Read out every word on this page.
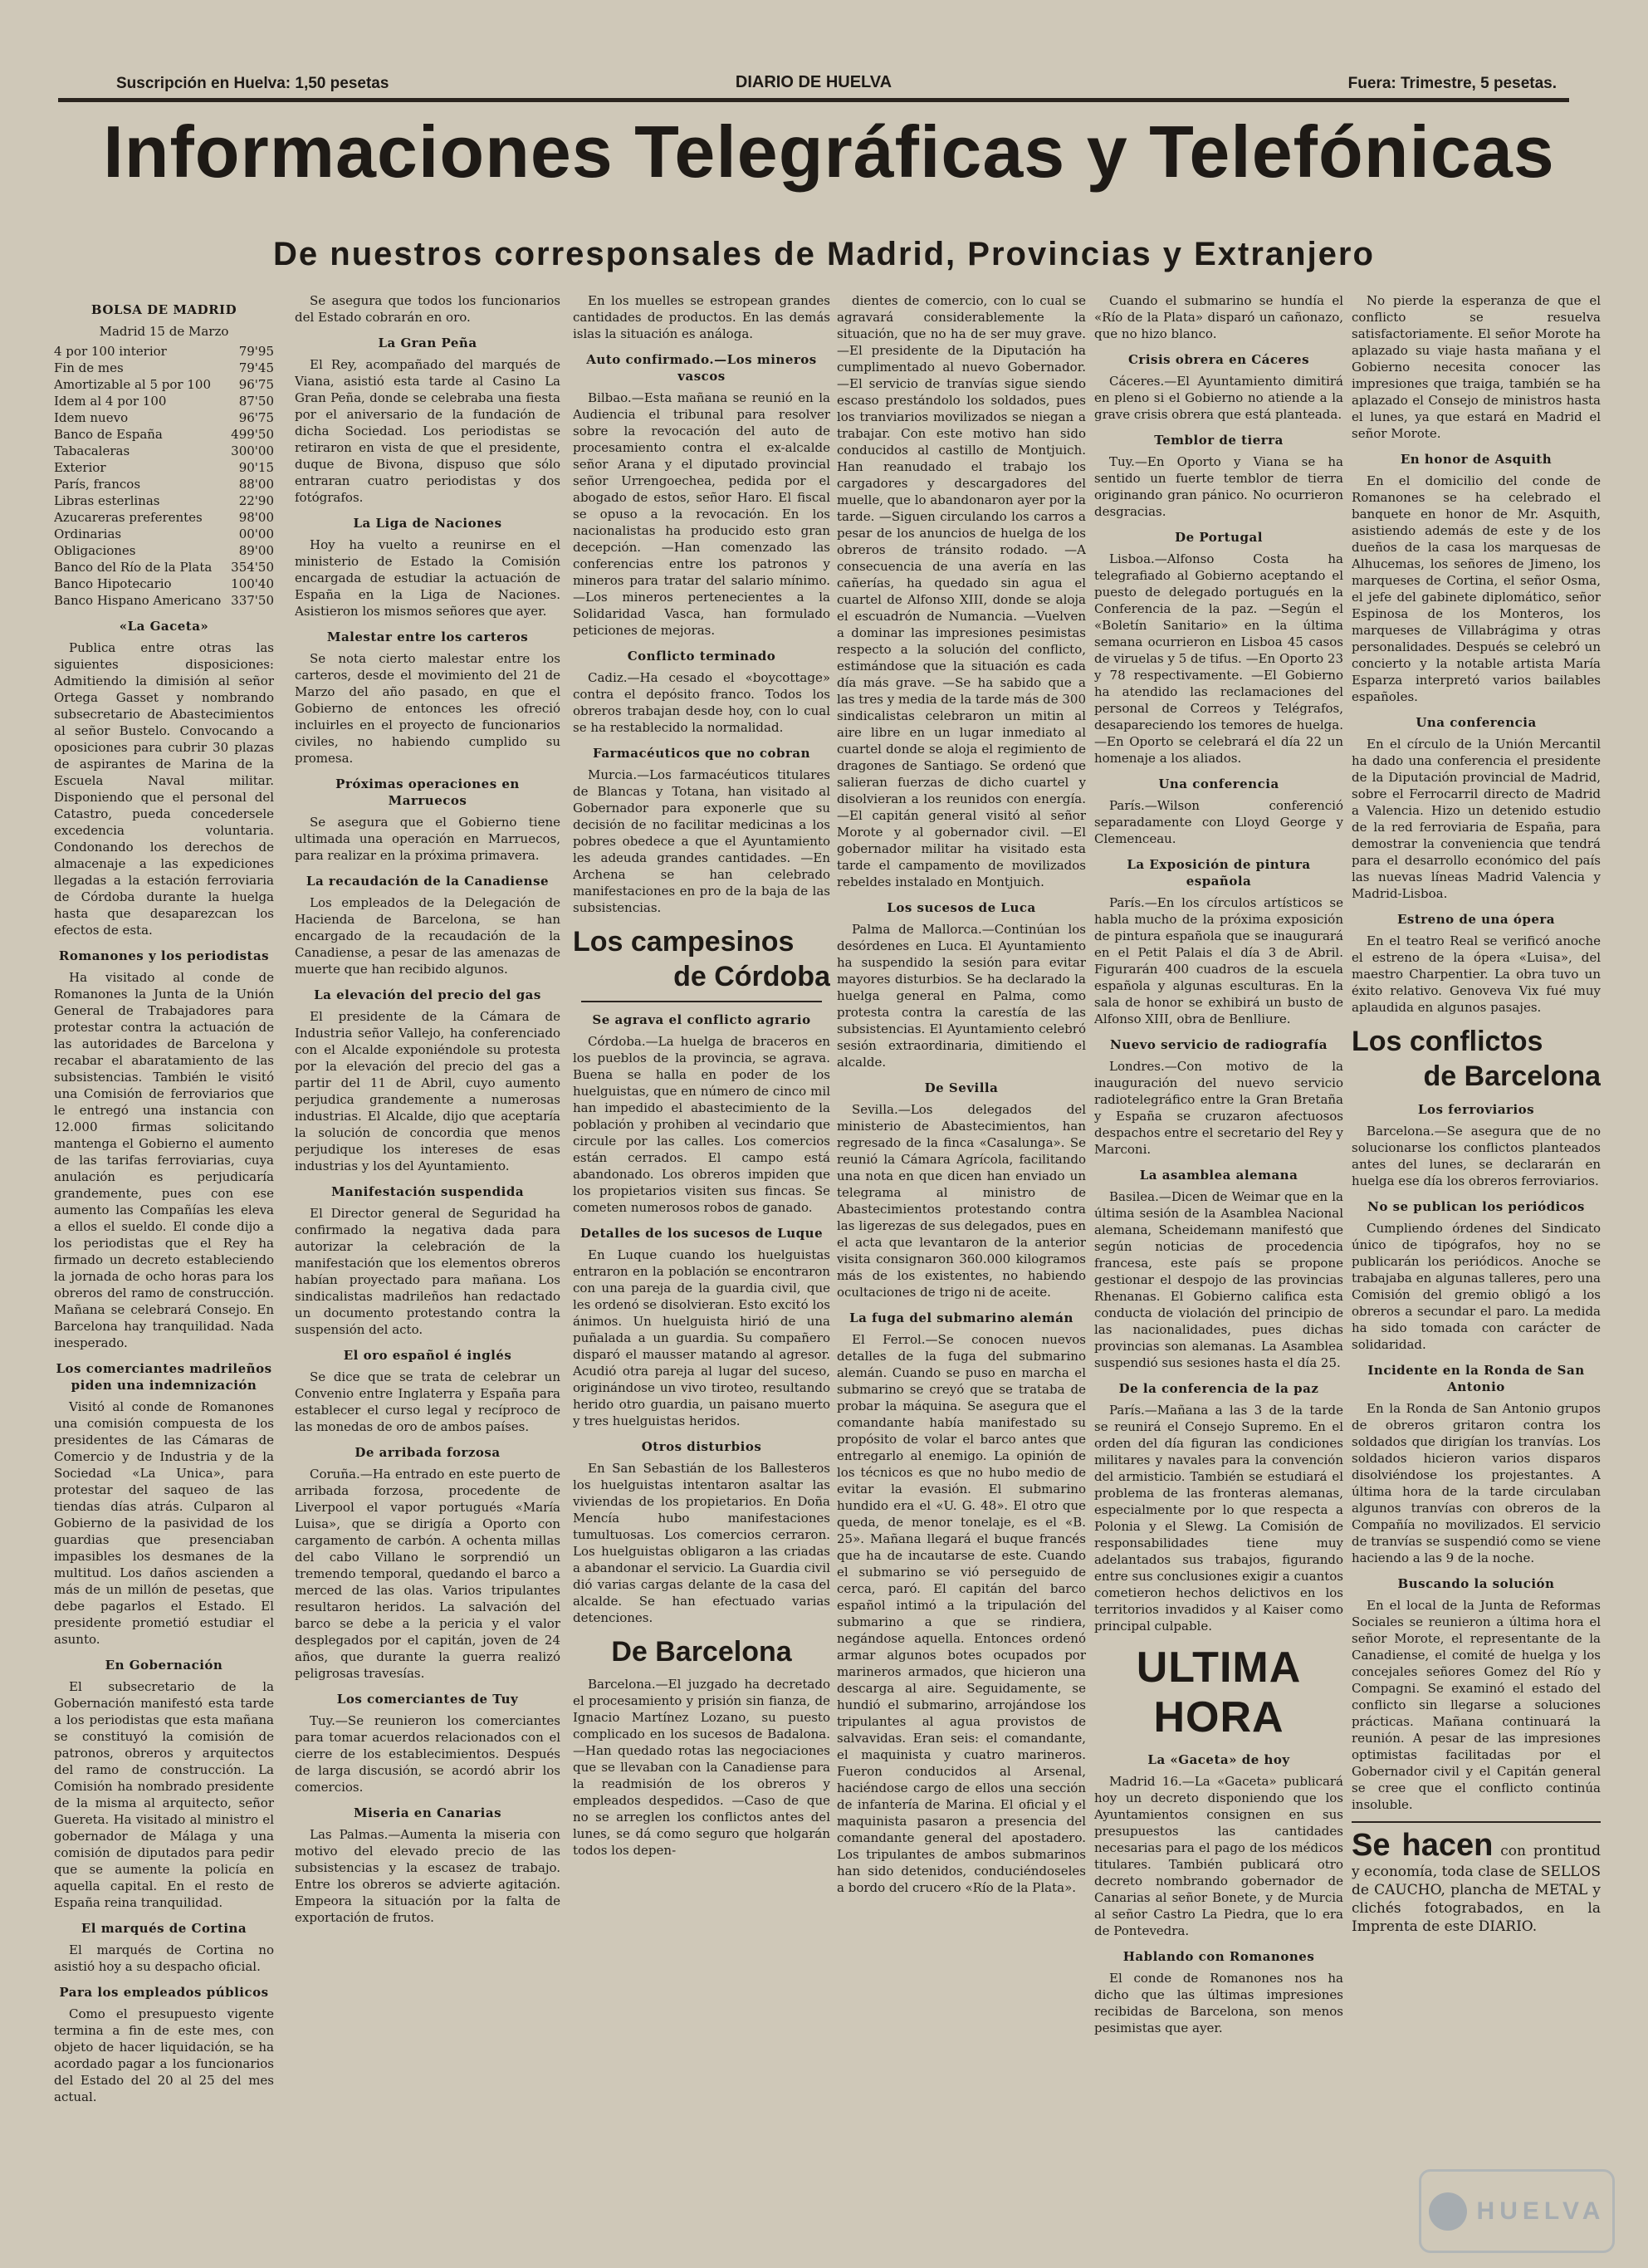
Suscripción en Huelva: 1,50 pesetas	DIARIO DE HUELVA	Fuera: Trimestre, 5 pesetas.
Informaciones Telegráficas y Telefónicas
De nuestros corresponsales de Madrid, Provincias y Extranjero
BOLSA DE MADRID
Madrid 15 de Marzo
4 por 100 interior	79'95
Fin de mes	79'45
Amortizable al 5 por 100	96'75
Idem al 4 por 100	87'50
Idem nuevo	96'75
Banco de España	499'50
Tabacaleras	300'00
Exterior	90'15
París, francos	88'00
Libras esterlinas	22'90
Azucareras preferentes	98'00
Ordinarias	00'00
Obligaciones	89'00
Banco del Río de la Plata	354'50
Banco Hipotecario	100'40
Banco Hispano Americano	337'50
«La Gaceta»

Publica entre otras las siguientes disposiciones: Admitiendo la dimisión al señor Ortega Gasset y nombrando subsecretario de Abastecimientos al señor Bustelo. Convocando a oposiciones para cubrir 30 plazas de aspirantes de Marina de la Escuela Naval militar. Disponiendo que el personal del Catastro, pueda concedersele excedencia voluntaria. Condonando los derechos de almacenaje a las expediciones llegadas a la estación ferroviaria de Córdoba durante la huelga hasta que desaparezcan los efectos de esta.

Romanones y los periodistas

Ha visitado al conde de Romanones la Junta de la Unión General de Trabajadores para protestar contra la actuación de las autoridades de Barcelona y recabar el abaratamiento de las subsistencias. También le visitó una Comisión de ferroviarios que le entregó una instancia con 12.000 firmas solicitando mantenga el Gobierno el aumento de las tarifas ferroviarias, cuya anulación es perjudicaría grandemente, pues con ese aumento las Compañías les eleva a ellos el sueldo. El conde dijo a los periodistas que el Rey ha firmado un decreto estableciendo la jornada de ocho horas para los obreros del ramo de construcción. Mañana se celebrará Consejo. En Barcelona hay tranquilidad. Nada inesperado.

Los comerciantes madrileños piden una indemnización

Visitó al conde de Romanones una comisión compuesta de los presidentes de las Cámaras de Comercio y de Industria y de la Sociedad «La Unica», para protestar del saqueo de las tiendas días atrás. Culparon al Gobierno de la pasividad de los guardias que presenciaban impasibles los desmanes de la multitud. Los daños ascienden a más de un millón de pesetas, que debe pagarlos el Estado. El presidente prometió estudiar el asunto.

En Gobernación

El subsecretario de la Gobernación manifestó esta tarde a los periodistas que esta mañana se constituyó la comisión de patronos, obreros y arquitectos del ramo de construcción. La Comisión ha nombrado presidente de la misma al arquitecto, señor Guereta. Ha visitado al ministro el gobernador de Málaga y una comisión de diputados para pedir que se aumente la policía en aquella capital. En el resto de España reina tranquilidad.

El marqués de Cortina

El marqués de Cortina no asistió hoy a su despacho oficial.

Para los empleados públicos

Como el presupuesto vigente termina a fin de este mes, con objeto de hacer liquidación, se ha acordado pagar a los funcionarios del Estado del 20 al 25 del mes actual.

Se asegura que todos los funcionarios del Estado cobrarán en oro.

La Gran Peña

El Rey, acompañado del marqués de Viana, asistió esta tarde al Casino La Gran Peña, donde se celebraba una fiesta por el aniversario de la fundación de dicha Sociedad. Los periodistas se retiraron en vista de que el presidente, duque de Bivona, dispuso que sólo entraran cuatro periodistas y dos fotógrafos.

La Liga de Naciones

Hoy ha vuelto a reunirse en el ministerio de Estado la Comisión encargada de estudiar la actuación de España en la Liga de Naciones. Asistieron los mismos señores que ayer.

Malestar entre los carteros

Se nota cierto malestar entre los carteros, desde el movimiento del 21 de Marzo del año pasado, en que el Gobierno de entonces les ofreció incluirles en el proyecto de funcionarios civiles, no habiendo cumplido su promesa.

Próximas operaciones en Marruecos

Se asegura que el Gobierno tiene ultimada una operación en Marruecos, para realizar en la próxima primavera.

La recaudación de la Canadiense

Los empleados de la Delegación de Hacienda de Barcelona, se han encargado de la recaudación de la Canadiense, a pesar de las amenazas de muerte que han recibido algunos.

La elevación del precio del gas

El presidente de la Cámara de Industria señor Vallejo, ha conferenciado con el Alcalde exponiéndole su protesta por la elevación del precio del gas a partir del 11 de Abril, cuyo aumento perjudica grandemente a numerosas industrias. El Alcalde, dijo que aceptaría la solución de concordia que menos perjudique los intereses de esas industrias y los del Ayuntamiento.

Manifestación suspendida

El Director general de Seguridad ha confirmado la negativa dada para autorizar la celebración de la manifestación que los elementos obreros habían proyectado para mañana. Los sindicalistas madrileños han redactado un documento protestando contra la suspensión del acto.

El oro español é inglés

Se dice que se trata de celebrar un Convenio entre Inglaterra y España para establecer el curso legal y recíproco de las monedas de oro de ambos países.

De arribada forzosa

Coruña.—Ha entrado en este puerto de arribada forzosa, procedente de Liverpool el vapor portugués «María Luisa», que se dirigía a Oporto con cargamento de carbón. A ochenta millas del cabo Villano le sorprendió un tremendo temporal, quedando el barco a merced de las olas. Varios tripulantes resultaron heridos. La salvación del barco se debe a la pericia y el valor desplegados por el capitán, joven de 24 años, que durante la guerra realizó peligrosas travesías.

Los comerciantes de Tuy

Tuy.—Se reunieron los comerciantes para tomar acuerdos relacionados con el cierre de los establecimientos. Después de larga discusión, se acordó abrir los comercios.

Miseria en Canarias

Las Palmas.—Aumenta la miseria con motivo del elevado precio de las subsistencias y la escasez de trabajo. Entre los obreros se advierte agitación. Empeora la situación por la falta de exportación de frutos.

En los muelles se estropean grandes cantidades de productos. En las demás islas la situación es análoga.

Auto confirmado.—Los mineros vascos

Bilbao.—Esta mañana se reunió en la Audiencia el tribunal para resolver sobre la revocación del auto de procesamiento contra el ex-alcalde señor Arana y el diputado provincial señor Urrengoechea, pedida por el abogado de estos, señor Haro. El fiscal se opuso a la revocación. En los nacionalistas ha producido esto gran decepción. —Han comenzado las conferencias entre los patronos y mineros para tratar del salario mínimo. —Los mineros pertenecientes a la Solidaridad Vasca, han formulado peticiones de mejoras.

Conflicto terminado

Cadiz.—Ha cesado el «boycottage» contra el depósito franco. Todos los obreros trabajan desde hoy, con lo cual se ha restablecido la normalidad.

Farmacéuticos que no cobran

Murcia.—Los farmacéuticos titulares de Blancas y Totana, han visitado al Gobernador para exponerle que su decisión de no facilitar medicinas a los pobres obedece a que el Ayuntamiento les adeuda grandes cantidades. —En Archena se han celebrado manifestaciones en pro de la baja de las subsistencias.

Los campesinos
de Córdoba
Se agrava el conflicto agrario

Córdoba.—La huelga de braceros en los pueblos de la provincia, se agrava. Buena se halla en poder de los huelguistas, que en número de cinco mil han impedido el abastecimiento de la población y prohiben al vecindario que circule por las calles. Los comercios están cerrados. El campo está abandonado. Los obreros impiden que los propietarios visiten sus fincas. Se cometen numerosos robos de ganado.

Detalles de los sucesos de Luque

En Luque cuando los huelguistas entraron en la población se encontraron con una pareja de la guardia civil, que les ordenó se disolvieran. Esto excitó los ánimos. Un huelguista hirió de una puñalada a un guardia. Su compañero disparó el mausser matando al agresor. Acudió otra pareja al lugar del suceso, originándose un vivo tiroteo, resultando herido otro guardia, un paisano muerto y tres huelguistas heridos.

Otros disturbios

En San Sebastián de los Ballesteros los huelguistas intentaron asaltar las viviendas de los propietarios. En Doña Mencía hubo manifestaciones tumultuosas. Los comercios cerraron. Los huelguistas obligaron a las criadas a abandonar el servicio. La Guardia civil dió varias cargas delante de la casa del alcalde. Se han efectuado varias detenciones.

De Barcelona

Barcelona.—El juzgado ha decretado el procesamiento y prisión sin fianza, de Ignacio Martínez Lozano, su puesto complicado en los sucesos de Badalona. —Han quedado rotas las negociaciones que se llevaban con la Canadiense para la readmisión de los obreros y empleados despedidos. —Caso de que no se arreglen los conflictos antes del lunes, se dá como seguro que holgarán todos los depen-

dientes de comercio, con lo cual se agravará considerablemente la situación, que no ha de ser muy grave. —El presidente de la Diputación ha cumplimentado al nuevo Gobernador. —El servicio de tranvías sigue siendo escaso prestándolo los soldados, pues los tranviarios movilizados se niegan a trabajar. Con este motivo han sido conducidos al castillo de Montjuich. Han reanudado el trabajo los cargadores y descargadores del muelle, que lo abandonaron ayer por la tarde. —Siguen circulando los carros a pesar de los anuncios de huelga de los obreros de tránsito rodado. —A consecuencia de una avería en las cañerías, ha quedado sin agua el cuartel de Alfonso XIII, donde se aloja el escuadrón de Numancia. —Vuelven a dominar las impresiones pesimistas respecto a la solución del conflicto, estimándose que la situación es cada día más grave. —Se ha sabido que a las tres y media de la tarde más de 300 sindicalistas celebraron un mitin al aire libre en un lugar inmediato al cuartel donde se aloja el regimiento de dragones de Santiago. Se ordenó que salieran fuerzas de dicho cuartel y disolvieran a los reunidos con energía. —El capitán general visitó al señor Morote y al gobernador civil. —El gobernador militar ha visitado esta tarde el campamento de movilizados rebeldes instalado en Montjuich.

Los sucesos de Luca

Palma de Mallorca.—Continúan los desórdenes en Luca. El Ayuntamiento ha suspendido la sesión para evitar mayores disturbios. Se ha declarado la huelga general en Palma, como protesta contra la carestía de las subsistencias. El Ayuntamiento celebró sesión extraordinaria, dimitiendo el alcalde.

De Sevilla

Sevilla.—Los delegados del ministerio de Abastecimientos, han regresado de la finca «Casalunga». Se reunió la Cámara Agrícola, facilitando una nota en que dicen han enviado un telegrama al ministro de Abastecimientos protestando contra las ligerezas de sus delegados, pues en el acta que levantaron de la anterior visita consignaron 360.000 kilogramos más de los existentes, no habiendo ocultaciones de trigo ni de aceite.

La fuga del submarino alemán

El Ferrol.—Se conocen nuevos detalles de la fuga del submarino alemán. Cuando se puso en marcha el submarino se creyó que se trataba de probar la máquina. Se asegura que el comandante había manifestado su propósito de volar el barco antes que entregarlo al enemigo. La opinión de los técnicos es que no hubo medio de evitar la evasión. El submarino hundido era el «U. G. 48». El otro que queda, de menor tonelaje, es el «B. 25». Mañana llegará el buque francés que ha de incautarse de este. Cuando el submarino se vió perseguido de cerca, paró. El capitán del barco español intimó a la tripulación del submarino a que se rindiera, negándose aquella. Entonces ordenó armar algunos botes ocupados por marineros armados, que hicieron una descarga al aire. Seguidamente, se hundió el submarino, arrojándose los tripulantes al agua provistos de salvavidas. Eran seis: el comandante, el maquinista y cuatro marineros. Fueron conducidos al Arsenal, haciéndose cargo de ellos una sección de infantería de Marina. El oficial y el maquinista pasaron a presencia del comandante general del apostadero. Los tripulantes de ambos submarinos han sido detenidos, conduciéndoseles a bordo del crucero «Río de la Plata».

Cuando el submarino se hundía el «Río de la Plata» disparó un cañonazo, que no hizo blanco.

Crisis obrera en Cáceres

Cáceres.—El Ayuntamiento dimitirá en pleno si el Gobierno no atiende a la grave crisis obrera que está planteada.

Temblor de tierra

Tuy.—En Oporto y Viana se ha sentido un fuerte temblor de tierra originando gran pánico. No ocurrieron desgracias.

De Portugal

Lisboa.—Alfonso Costa ha telegrafiado al Gobierno aceptando el puesto de delegado portugués en la Conferencia de la paz. —Según el «Boletín Sanitario» en la última semana ocurrieron en Lisboa 45 casos de viruelas y 5 de tifus. —En Oporto 23 y 78 respectivamente. —El Gobierno ha atendido las reclamaciones del personal de Correos y Telégrafos, desapareciendo los temores de huelga. —En Oporto se celebrará el día 22 un homenaje a los aliados.

Una conferencia

París.—Wilson conferenció separadamente con Lloyd George y Clemenceau.

La Exposición de pintura española

París.—En los círculos artísticos se habla mucho de la próxima exposición de pintura española que se inaugurará en el Petit Palais el día 3 de Abril. Figurarán 400 cuadros de la escuela española y algunas esculturas. En la sala de honor se exhibirá un busto de Alfonso XIII, obra de Benlliure.

Nuevo servicio de radiografía

Londres.—Con motivo de la inauguración del nuevo servicio radiotelegráfico entre la Gran Bretaña y España se cruzaron afectuosos despachos entre el secretario del Rey y Marconi.

La asamblea alemana

Basilea.—Dicen de Weimar que en la última sesión de la Asamblea Nacional alemana, Scheidemann manifestó que según noticias de procedencia francesa, este país se propone gestionar el despojo de las provincias Rhenanas. El Gobierno califica esta conducta de violación del principio de las nacionalidades, pues dichas provincias son alemanas. La Asamblea suspendió sus sesiones hasta el día 25.

De la conferencia de la paz

París.—Mañana a las 3 de la tarde se reunirá el Consejo Supremo. En el orden del día figuran las condiciones militares y navales para la convención del armisticio. También se estudiará el problema de las fronteras alemanas, especialmente por lo que respecta a Polonia y el Slewg. La Comisión de responsabilidades tiene muy adelantados sus trabajos, figurando entre sus conclusiones exigir a cuantos cometieron hechos delictivos en los territorios invadidos y al Kaiser como principal culpable.

ULTIMA HORA
La «Gaceta» de hoy

Madrid 16.—La «Gaceta» publicará hoy un decreto disponiendo que los Ayuntamientos consignen en sus presupuestos las cantidades necesarias para el pago de los médicos titulares. También publicará otro decreto nombrando gobernador de Canarias al señor Bonete, y de Murcia al señor Castro La Piedra, que lo era de Pontevedra.

Hablando con Romanones

El conde de Romanones nos ha dicho que las últimas impresiones recibidas de Barcelona, son menos pesimistas que ayer.

No pierde la esperanza de que el conflicto se resuelva satisfactoriamente. El señor Morote ha aplazado su viaje hasta mañana y el Gobierno necesita conocer las impresiones que traiga, también se ha aplazado el Consejo de ministros hasta el lunes, ya que estará en Madrid el señor Morote.

En honor de Asquith

En el domicilio del conde de Romanones se ha celebrado el banquete en honor de Mr. Asquith, asistiendo además de este y de los dueños de la casa los marquesas de Alhucemas, los señores de Jimeno, los marqueses de Cortina, el señor Osma, el jefe del gabinete diplomático, señor Espinosa de los Monteros, los marqueses de Villabrágima y otras personalidades. Después se celebró un concierto y la notable artista María Esparza interpretó varios bailables españoles.

Una conferencia

En el círculo de la Unión Mercantil ha dado una conferencia el presidente de la Diputación provincial de Madrid, sobre el Ferrocarril directo de Madrid a Valencia. Hizo un detenido estudio de la red ferroviaria de España, para demostrar la conveniencia que tendrá para el desarrollo económico del país las nuevas líneas Madrid Valencia y Madrid-Lisboa.

Estreno de una ópera

En el teatro Real se verificó anoche el estreno de la ópera «Luisa», del maestro Charpentier. La obra tuvo un éxito relativo. Genoveva Vix fué muy aplaudida en algunos pasajes.

Los conflictos
de Barcelona
Los ferroviarios

Barcelona.—Se asegura que de no solucionarse los conflictos planteados antes del lunes, se declararán en huelga ese día los obreros ferroviarios.

No se publican los periódicos

Cumpliendo órdenes del Sindicato único de tipógrafos, hoy no se publicarán los periódicos. Anoche se trabajaba en algunas talleres, pero una Comisión del gremio obligó a los obreros a secundar el paro. La medida ha sido tomada con carácter de solidaridad.

Incidente en la Ronda de San Antonio

En la Ronda de San Antonio grupos de obreros gritaron contra los soldados que dirigían los tranvías. Los soldados hicieron varios disparos disolviéndose los projestantes. A última hora de la tarde circulaban algunos tranvías con obreros de la Compañía no movilizados. El servicio de tranvías se suspendió como se viene haciendo a las 9 de la noche.

Buscando la solución

En el local de la Junta de Reformas Sociales se reunieron a última hora el señor Morote, el representante de la Canadiense, el comité de huelga y los concejales señores Gomez del Río y Compagni. Se examinó el estado del conflicto sin llegarse a soluciones prácticas. Mañana continuará la reunión. A pesar de las impresiones optimistas facilitadas por el Gobernador civil y el Capitán general se cree que el conflicto continúa insoluble.

Se hacen con prontitud y economía, toda clase de SELLOS de CAUCHO, plancha de METAL y clichés fotograbados, en la Imprenta de este DIARIO.
HUELVA
